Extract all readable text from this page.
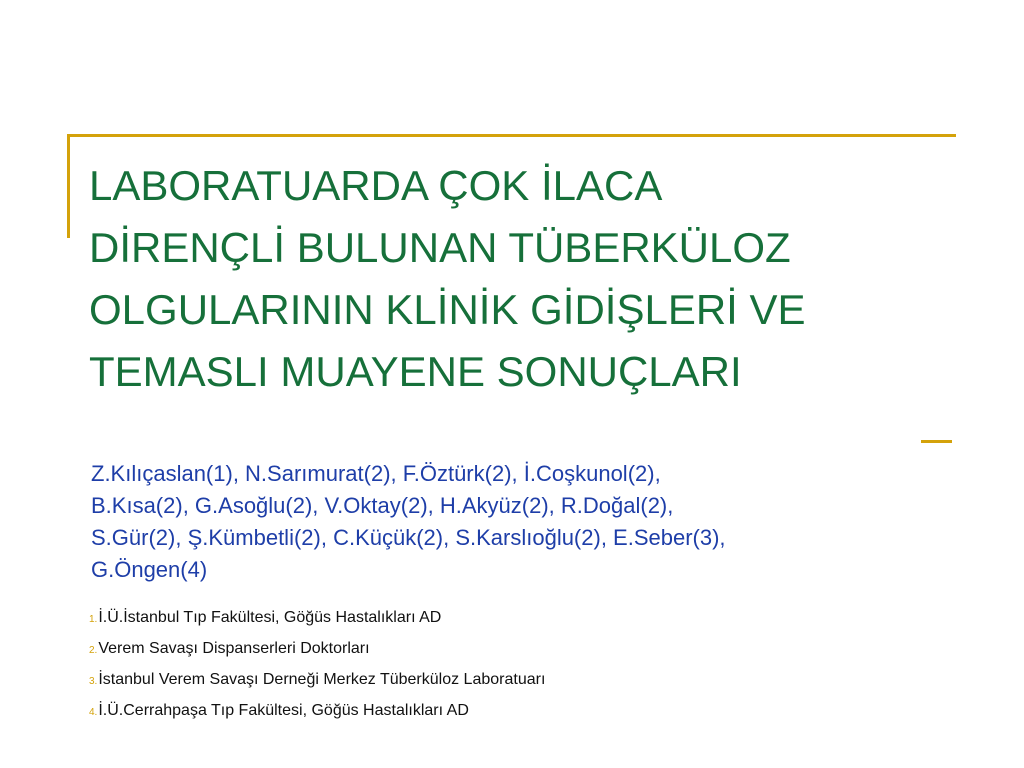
LABORATUARDA ÇOK İLACA
DİRENÇLİ BULUNAN TÜBERKÜLOZ
OLGULARININ KLİNİK GİDİŞLERİ VE
TEMASLI MUAYENE SONUÇLARI
Z.Kılıçaslan(1), N.Sarımurat(2), F.Öztürk(2), İ.Coşkunol(2),
B.Kısa(2), G.Asoğlu(2), V.Oktay(2), H.Akyüz(2), R.Doğal(2),
S.Gür(2), Ş.Kümbetli(2), C.Küçük(2), S.Karslıoğlu(2), E.Seber(3),
G.Öngen(4)
1.İ.Ü.İstanbul Tıp Fakültesi, Göğüs Hastalıkları AD
2.Verem Savaşı Dispanserleri Doktorları
3.İstanbul Verem Savaşı Derneği Merkez Tüberküloz Laboratuarı
4.İ.Ü.Cerrahpaşa Tıp Fakültesi, Göğüs Hastalıkları AD
